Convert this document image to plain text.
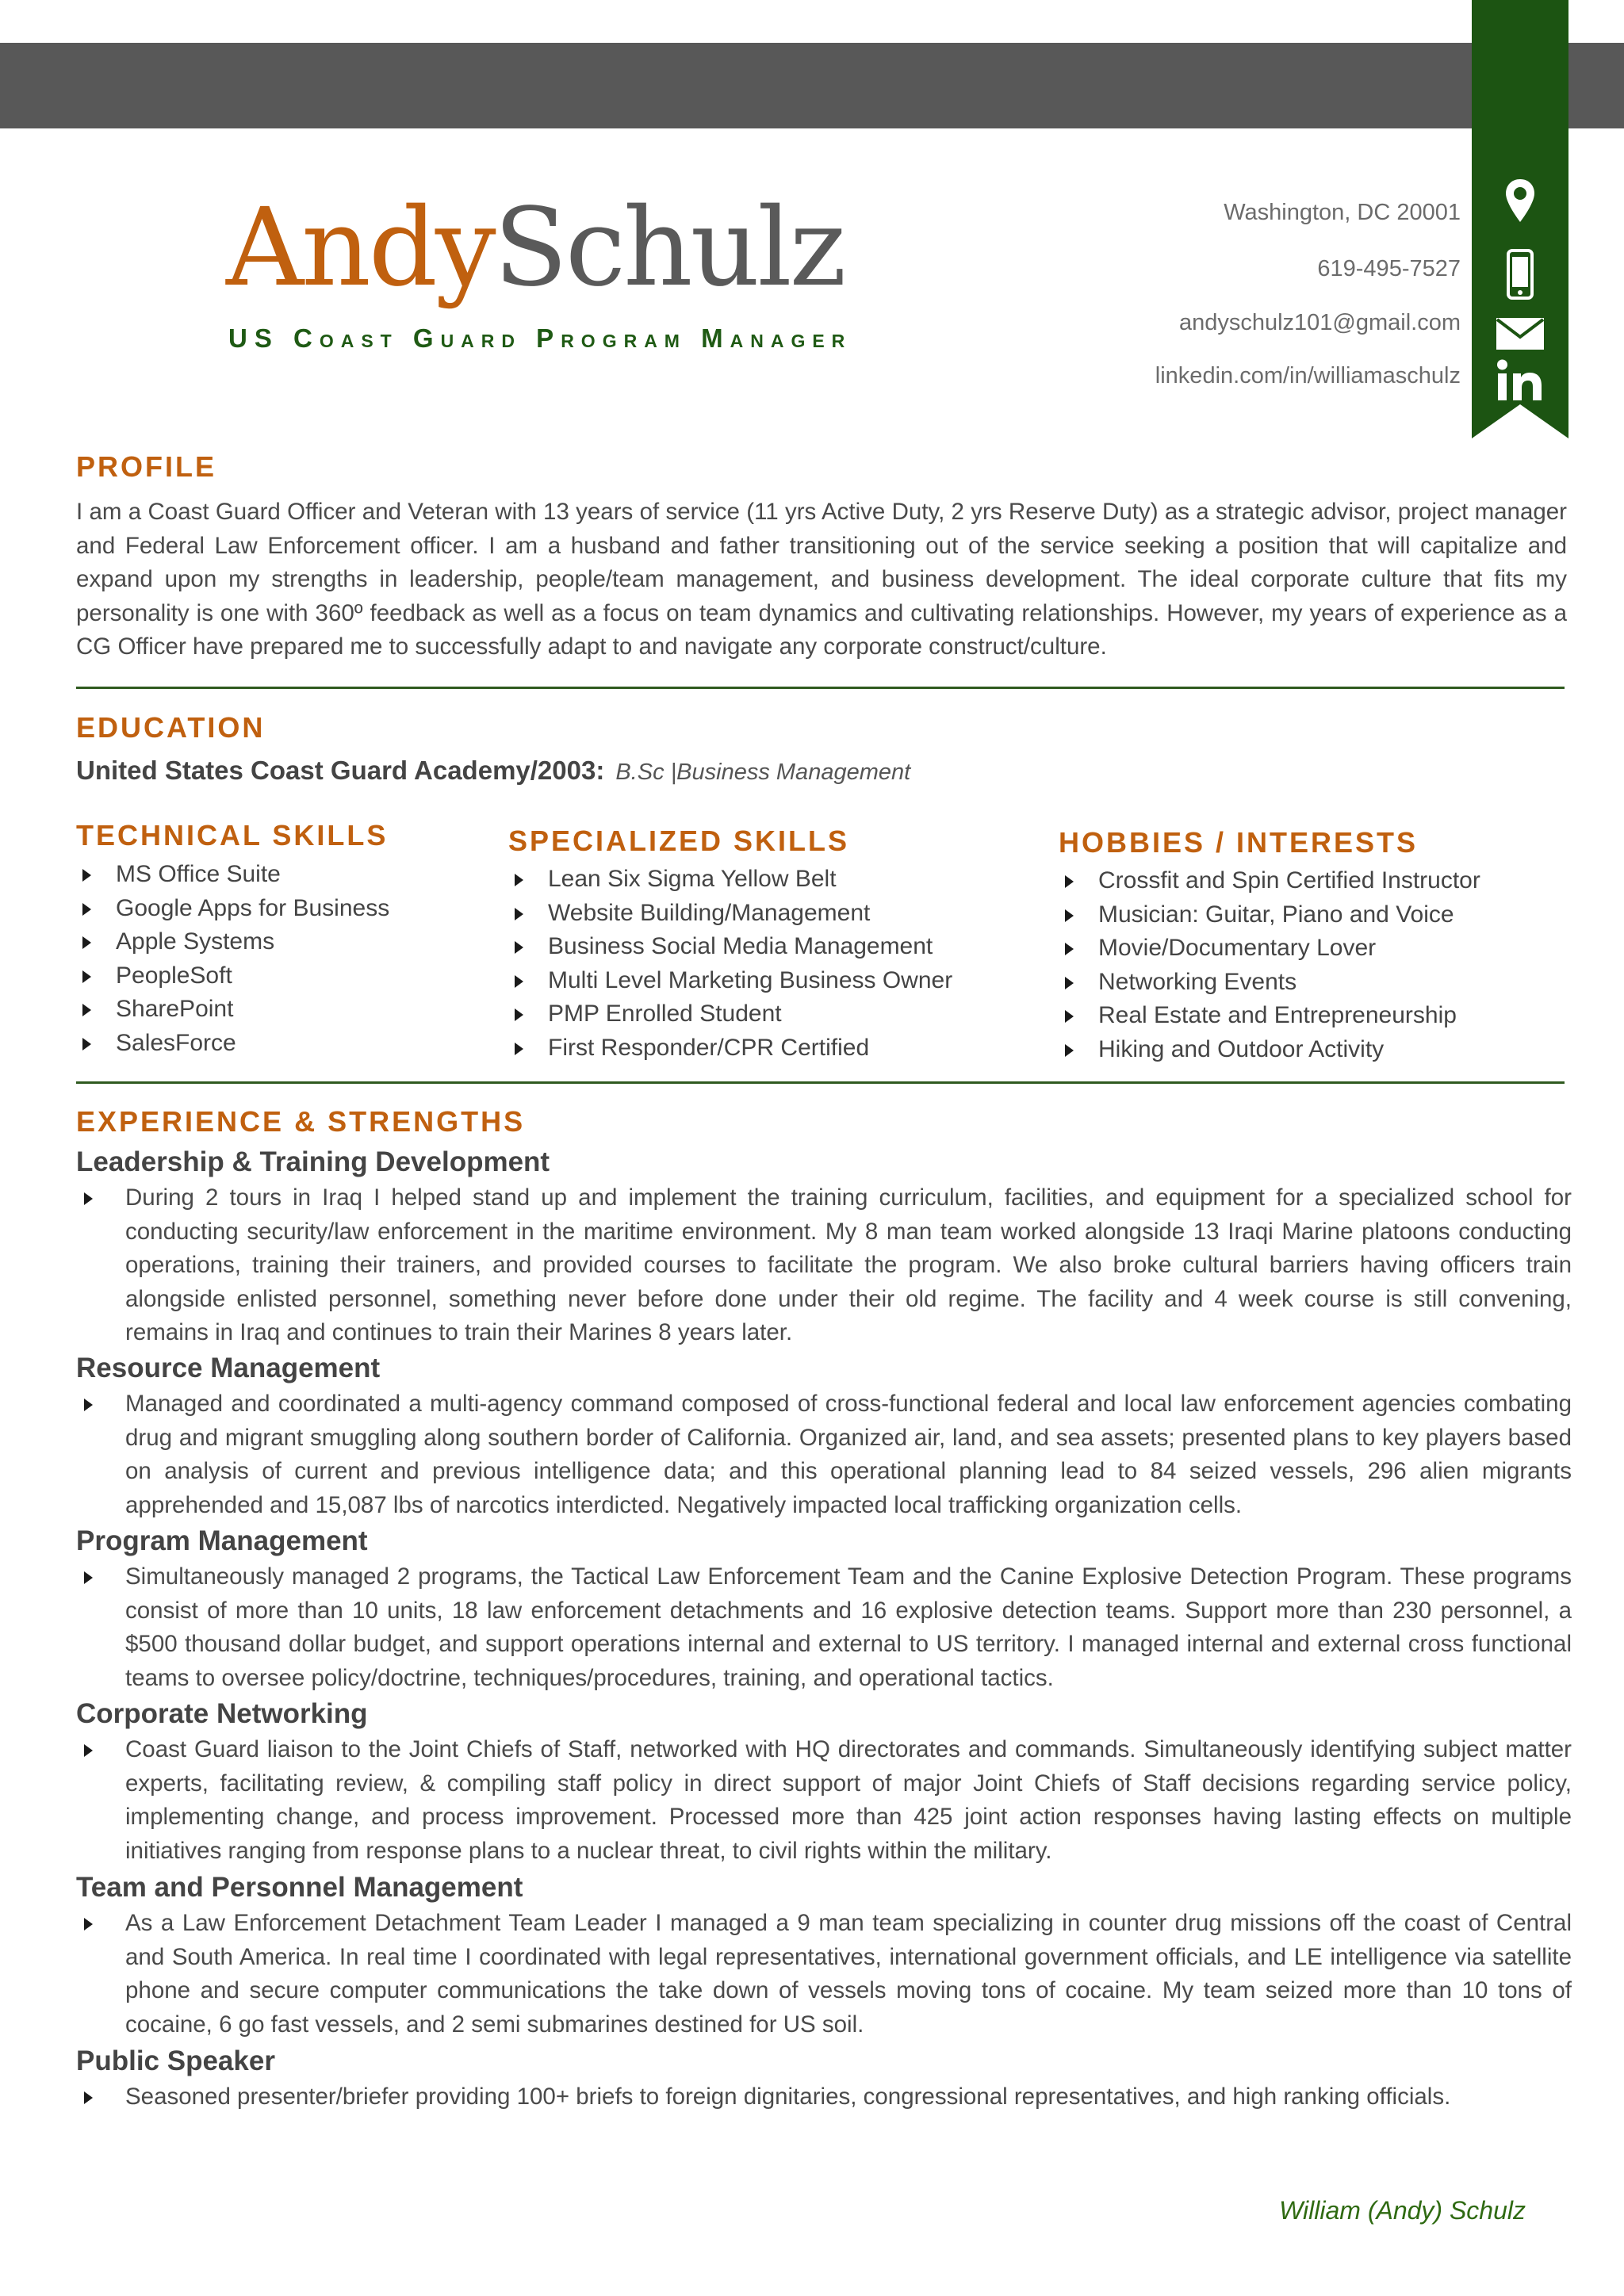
AndySchulz
US Coast Guard Program Manager
Washington, DC 20001
619-495-7527
andyschulz101@gmail.com
linkedin.com/in/williamaschulz
PROFILE
I am a Coast Guard Officer and Veteran with 13 years of service (11 yrs Active Duty, 2 yrs Reserve Duty) as a strategic advisor, project manager and Federal Law Enforcement officer. I am a husband and father transitioning out of the service seeking a position that will capitalize and expand upon my strengths in leadership, people/team management, and business development. The ideal corporate culture that fits my personality is one with 360º feedback as well as a focus on team dynamics and cultivating relationships. However, my years of experience as a CG Officer have prepared me to successfully adapt to and navigate any corporate construct/culture.
EDUCATION
United States Coast Guard Academy/2003: B.Sc |Business Management
TECHNICAL SKILLS
MS Office Suite
Google Apps for Business
Apple Systems
PeopleSoft
SharePoint
SalesForce
SPECIALIZED SKILLS
Lean Six Sigma Yellow Belt
Website Building/Management
Business Social Media Management
Multi Level Marketing Business Owner
PMP Enrolled Student
First Responder/CPR Certified
HOBBIES / INTERESTS
Crossfit and Spin Certified Instructor
Musician: Guitar, Piano and Voice
Movie/Documentary Lover
Networking Events
Real Estate and Entrepreneurship
Hiking and Outdoor Activity
EXPERIENCE & STRENGTHS
Leadership & Training Development
During 2 tours in Iraq I helped stand up and implement the training curriculum, facilities, and equipment for a specialized school for conducting security/law enforcement in the maritime environment. My 8 man team worked alongside 13 Iraqi Marine platoons conducting operations, training their trainers, and provided courses to facilitate the program. We also broke cultural barriers having officers train alongside enlisted personnel, something never before done under their old regime. The facility and 4 week course is still convening, remains in Iraq and continues to train their Marines 8 years later.
Resource Management
Managed and coordinated a multi-agency command composed of cross-functional federal and local law enforcement agencies combating drug and migrant smuggling along southern border of California. Organized air, land, and sea assets; presented plans to key players based on analysis of current and previous intelligence data; and this operational planning lead to 84 seized vessels, 296 alien migrants apprehended and 15,087 lbs of narcotics interdicted. Negatively impacted local trafficking organization cells.
Program Management
Simultaneously managed 2 programs, the Tactical Law Enforcement Team and the Canine Explosive Detection Program. These programs consist of more than 10 units, 18 law enforcement detachments and 16 explosive detection teams. Support more than 230 personnel, a $500 thousand dollar budget, and support operations internal and external to US territory. I managed internal and external cross functional teams to oversee policy/doctrine, techniques/procedures, training, and operational tactics.
Corporate Networking
Coast Guard liaison to the Joint Chiefs of Staff, networked with HQ directorates and commands. Simultaneously identifying subject matter experts, facilitating review, & compiling staff policy in direct support of major Joint Chiefs of Staff decisions regarding service policy, implementing change, and process improvement. Processed more than 425 joint action responses having lasting effects on multiple initiatives ranging from response plans to a nuclear threat, to civil rights within the military.
Team and Personnel Management
As a Law Enforcement Detachment Team Leader I managed a 9 man team specializing in counter drug missions off the coast of Central and South America. In real time I coordinated with legal representatives, international government officials, and LE intelligence via satellite phone and secure computer communications the take down of vessels moving tons of cocaine. My team seized more than 10 tons of cocaine, 6 go fast vessels, and 2 semi submarines destined for US soil.
Public Speaker
Seasoned presenter/briefer providing 100+ briefs to foreign dignitaries, congressional representatives, and high ranking officials.
William (Andy) Schulz
